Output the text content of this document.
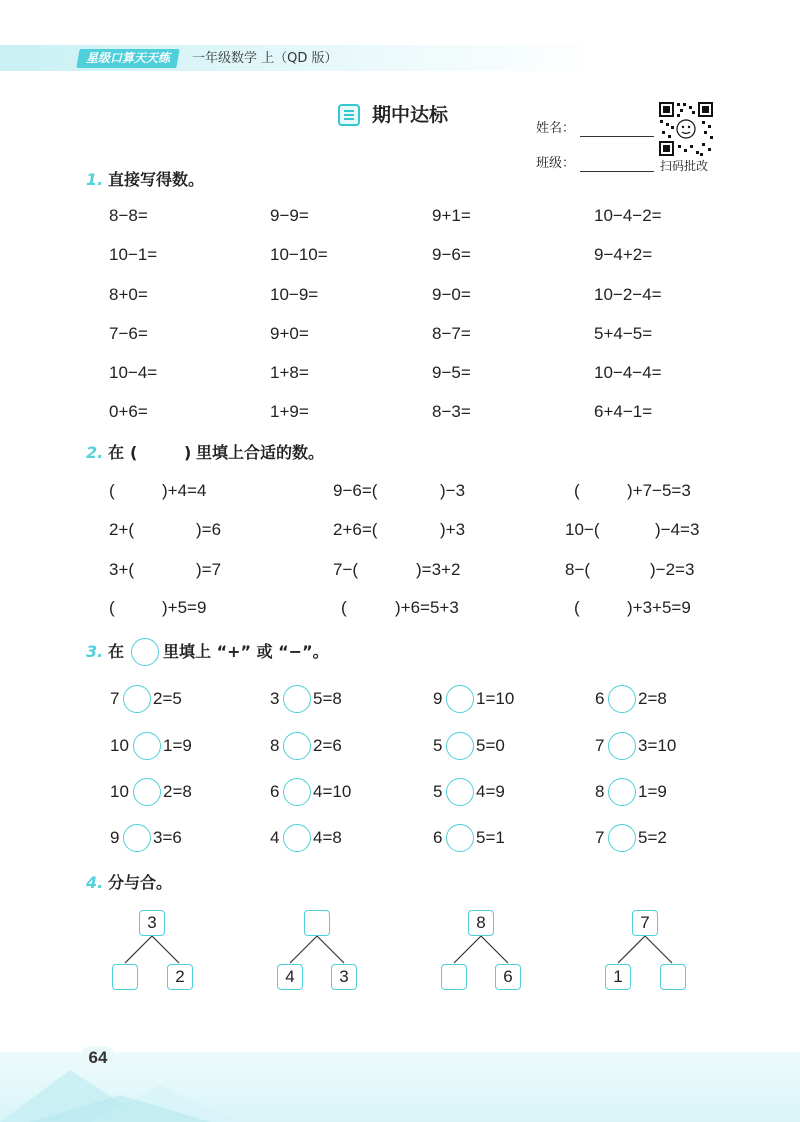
星级口算天天练	一年级数学 上（QD 版）
期中达标
姓名：
班级：	扫码批改
1. 直接写得数。
8−8=	9−9=	9+1=	10−4−2=
10−1=	10−10=	9−6=	9−4+2=
8+0=	10−9=	9−0=	10−2−4=
7−6=	9+0=	8−7=	5+4−5=
10−4=	1+8=	9−5=	10−4−4=
0+6=	1+9=	8−3=	6+4−1=
2. 在 (	) 里填上合适的数。
(	)+4=4	9−6=(	)−3	(	)+7−5=3
2+(	)=6	2+6=(	)+3	10−(	)−4=3
3+(	)=7	7−(	)=3+2	8−(	)−2=3
(	)+5=9	(	)+6=5+3	(	)+3+5=9
3. 在 里填上 “+” 或 “−”。
7 2=5	3 5=8	9 1=10	6 2=8
10 1=9	8 2=6	5 5=0	7 3=10
10 2=8	6 4=10	5 4=9	8 1=9
9 3=6	4 4=8	6 5=1	7 5=2
4. 分与合。
3
2	4	3
8
6
7
1
64
